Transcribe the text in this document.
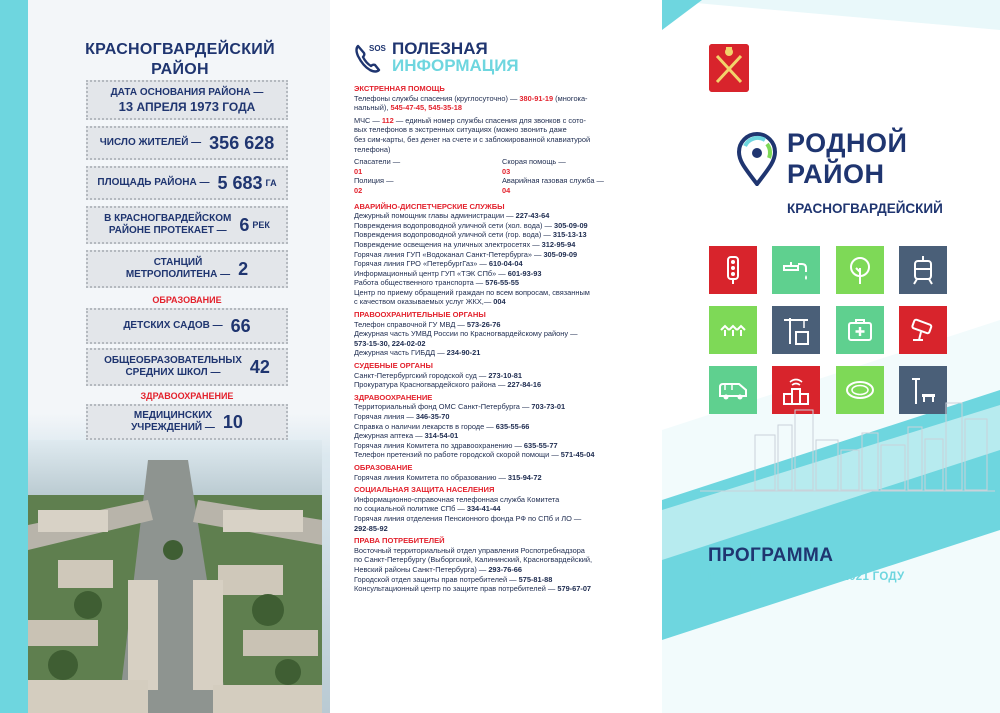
КРАСНОГВАРДЕЙСКИЙ
РАЙОН
ДАТА ОСНОВАНИЯ РАЙОНА —
13 АПРЕЛЯ 1973 ГОДА
ЧИСЛО ЖИТЕЛЕЙ — 356 628
ПЛОЩАДЬ РАЙОНА — 5 683 ГА
В КРАСНОГВАРДЕЙСКОМ
РАЙОНЕ ПРОТЕКАЕТ — 6 РЕК
СТАНЦИЙ
МЕТРОПОЛИТЕНА — 2
ОБРАЗОВАНИЕ
ДЕТСКИХ САДОВ — 66
ОБЩЕОБРАЗОВАТЕЛЬНЫХ
СРЕДНИХ ШКОЛ —	42
ЗДРАВООХРАНЕНИЕ
МЕДИЦИНСКИХ
УЧРЕЖДЕНИЙ — 10
SOS ПОЛЕЗНАЯ
ИНФОРМАЦИЯ
ЭКСТРЕННАЯ ПОМОЩЬ
Телефоны службы спасения (круглосуточно) — 380-91-19 (многока-
нальный), 545-47-45, 545-35-18
МЧС — 112 — единый номер службы спасения для звонков с сото-
вых телефонов в экстренных ситуациях (можно звонить даже
без сим-карты, без денег на счете и с заблокированной клавиатурой
телефона)
Спасатели —
01
Скорая помощь —
03
Полиция —
02
Аварийная газовая служба —
04
АВАРИЙНО-ДИСПЕТЧЕРСКИЕ СЛУЖБЫ
Дежурный помощник главы администрации — 227-43-64
Повреждения водопроводной уличной сети (хол. вода) — 305-09-09
Повреждения водопроводной уличной сети (гор. вода) — 315-13-13
Повреждение освещения на уличных электросетях — 312-95-94
Горячая линия ГУП «Водоканал Санкт-Петербурга» — 305-09-09
Горячая линия ГРО «ПетербургГаз» — 610-04-04
Информационный центр ГУП «ТЭК СПб» — 601-93-93
Работа общественного транспорта — 576-55-55
Центр по приему обращений граждан по всем вопросам, связанным
с качеством оказываемых услуг ЖКХ,— 004
ПРАВООХРАНИТЕЛЬНЫЕ ОРГАНЫ
Телефон справочной ГУ МВД — 573-26-76
Дежурная часть УМВД России по Красногвардейскому району —
573-15-30, 224-02-02
Дежурная часть ГИБДД — 234-90-21
СУДЕБНЫЕ ОРГАНЫ
Санкт-Петербургский городской суд — 273-10-81
Прокуратура Красногвардейского района — 227-84-16
ЗДРАВООХРАНЕНИЕ
Территориальный фонд ОМС Санкт-Петербурга — 703-73-01
Горячая линия — 346-35-70
Справка о наличии лекарств в городе — 635-55-66
Дежурная аптека — 314-54-01
Горячая линия Комитета по здравоохранению — 635-55-77
Телефон претензий по работе городской скорой помощи — 571-45-04
ОБРАЗОВАНИЕ
Горячая линия Комитета по образованию — 315-94-72
СОЦИАЛЬНАЯ ЗАЩИТА НАСЕЛЕНИЯ
Информационно-справочная телефонная служба Комитета
по социальной политике СПб — 334-41-44
Горячая линия отделения Пенсионного фонда РФ по СПб и ЛО —
292-85-92
ПРАВА ПОТРЕБИТЕЛЕЙ
Восточный территориальный отдел управления Роспотребнадзора
по Санкт-Петербургу (Выборгский, Калининский, Красногвардейский,
Невский районы Санкт-Петербурга) — 293-76-66
Городской отдел защиты прав потребителей — 575-81-88
Консультационный центр по защите прав потребителей — 579-67-07
РОДНОЙ
РАЙОН
КРАСНОГВАРДЕЙСКИЙ
ПРОГРАММА
РАЗВИТИЯ РАЙОНА В 2021 ГОДУ
